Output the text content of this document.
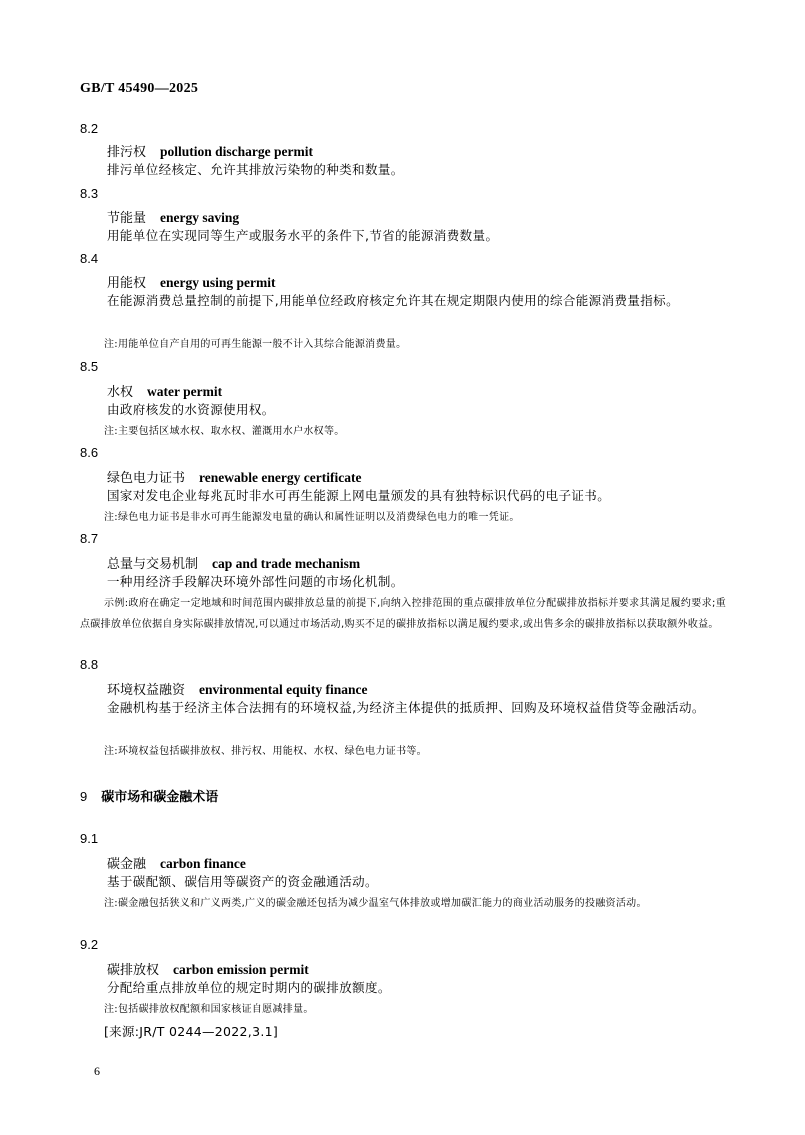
GB/T 45490—2025
8.2
排污权 pollution discharge permit
排污单位经核定、允许其排放污染物的种类和数量。
8.3
节能量 energy saving
用能单位在实现同等生产或服务水平的条件下,节省的能源消费数量。
8.4
用能权 energy using permit
在能源消费总量控制的前提下,用能单位经政府核定允许其在规定期限内使用的综合能源消费量指标。
注:用能单位自产自用的可再生能源一般不计入其综合能源消费量。
8.5
水权 water permit
由政府核发的水资源使用权。
注:主要包括区域水权、取水权、灌溉用水户水权等。
8.6
绿色电力证书 renewable energy certificate
国家对发电企业每兆瓦时非水可再生能源上网电量颁发的具有独特标识代码的电子证书。
注:绿色电力证书是非水可再生能源发电量的确认和属性证明以及消费绿色电力的唯一凭证。
8.7
总量与交易机制 cap and trade mechanism
一种用经济手段解决环境外部性问题的市场化机制。
示例:政府在确定一定地域和时间范围内碳排放总量的前提下,向纳入控排范围的重点碳排放单位分配碳排放指标并要求其满足履约要求;重点碳排放单位依据自身实际碳排放情况,可以通过市场活动,购买不足的碳排放指标以满足履约要求,或出售多余的碳排放指标以获取额外收益。
8.8
环境权益融资 environmental equity finance
金融机构基于经济主体合法拥有的环境权益,为经济主体提供的抵质押、回购及环境权益借贷等金融活动。
注:环境权益包括碳排放权、排污权、用能权、水权、绿色电力证书等。
9 碳市场和碳金融术语
9.1
碳金融 carbon finance
基于碳配额、碳信用等碳资产的资金融通活动。
注:碳金融包括狭义和广义两类,广义的碳金融还包括为减少温室气体排放或增加碳汇能力的商业活动服务的投融资活动。
9.2
碳排放权 carbon emission permit
分配给重点排放单位的规定时期内的碳排放额度。
注:包括碳排放权配额和国家核证自愿减排量。
[来源:JR/T 0244—2022,3.1]
6
